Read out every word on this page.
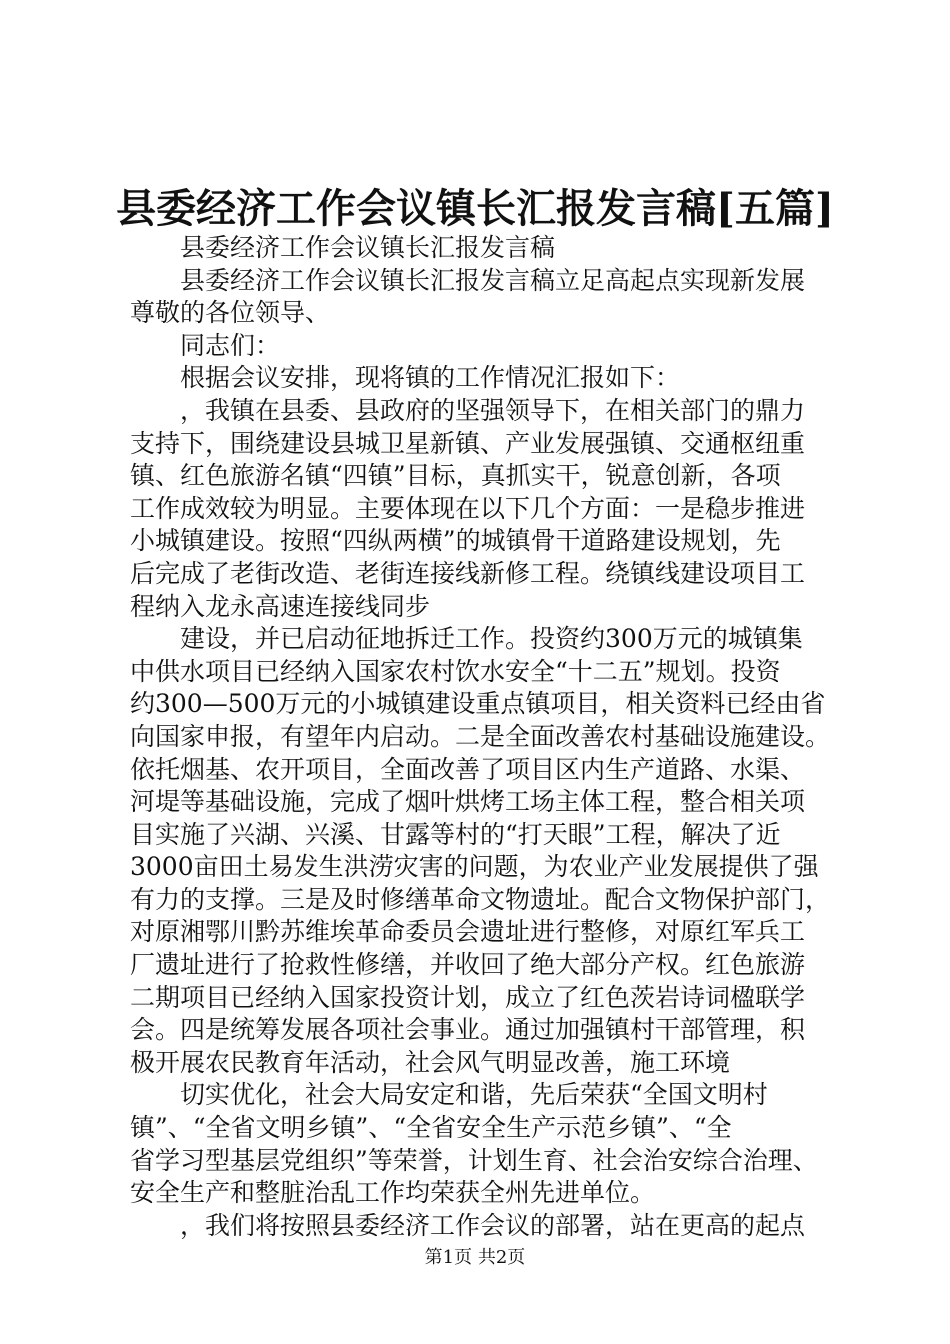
县委经济工作会议镇长汇报发言稿[五篇]
　　县委经济工作会议镇长汇报发言稿
　　县委经济工作会议镇长汇报发言稿立足高起点实现新发展
尊敬的各位领导、
　　同志们：
　　根据会议安排，现将镇的工作情况汇报如下：
　　，我镇在县委、县政府的坚强领导下，在相关部门的鼎力
支持下，围绕建设县城卫星新镇、产业发展强镇、交通枢纽重
镇、红色旅游名镇“四镇”目标，真抓实干，锐意创新，各项
工作成效较为明显。主要体现在以下几个方面：一是稳步推进
小城镇建设。按照“四纵两横”的城镇骨干道路建设规划，先
后完成了老街改造、老街连接线新修工程。绕镇线建设项目工
程纳入龙永高速连接线同步
　　建设，并已启动征地拆迁工作。投资约300万元的城镇集
中供水项目已经纳入国家农村饮水安全“十二五”规划。投资
约300—500万元的小城镇建设重点镇项目，相关资料已经由省
向国家申报，有望年内启动。二是全面改善农村基础设施建设。
依托烟基、农开项目，全面改善了项目区内生产道路、水渠、
河堤等基础设施，完成了烟叶烘烤工场主体工程，整合相关项
目实施了兴湖、兴溪、甘露等村的“打天眼”工程，解决了近
3000亩田土易发生洪涝灾害的问题，为农业产业发展提供了强
有力的支撑。三是及时修缮革命文物遗址。配合文物保护部门，
对原湘鄂川黔苏维埃革命委员会遗址进行整修，对原红军兵工
厂遗址进行了抢救性修缮，并收回了绝大部分产权。红色旅游
二期项目已经纳入国家投资计划，成立了红色茨岩诗词楹联学
会。四是统筹发展各项社会事业。通过加强镇村干部管理，积
极开展农民教育年活动，社会风气明显改善，施工环境
　　切实优化，社会大局安定和谐，先后荣获“全国文明村
镇”、“全省文明乡镇”、“全省安全生产示范乡镇”、“全
省学习型基层党组织”等荣誉，计划生育、社会治安综合治理、
安全生产和整脏治乱工作均荣获全州先进单位。
　　，我们将按照县委经济工作会议的部署，站在更高的起点
第1页 共2页
